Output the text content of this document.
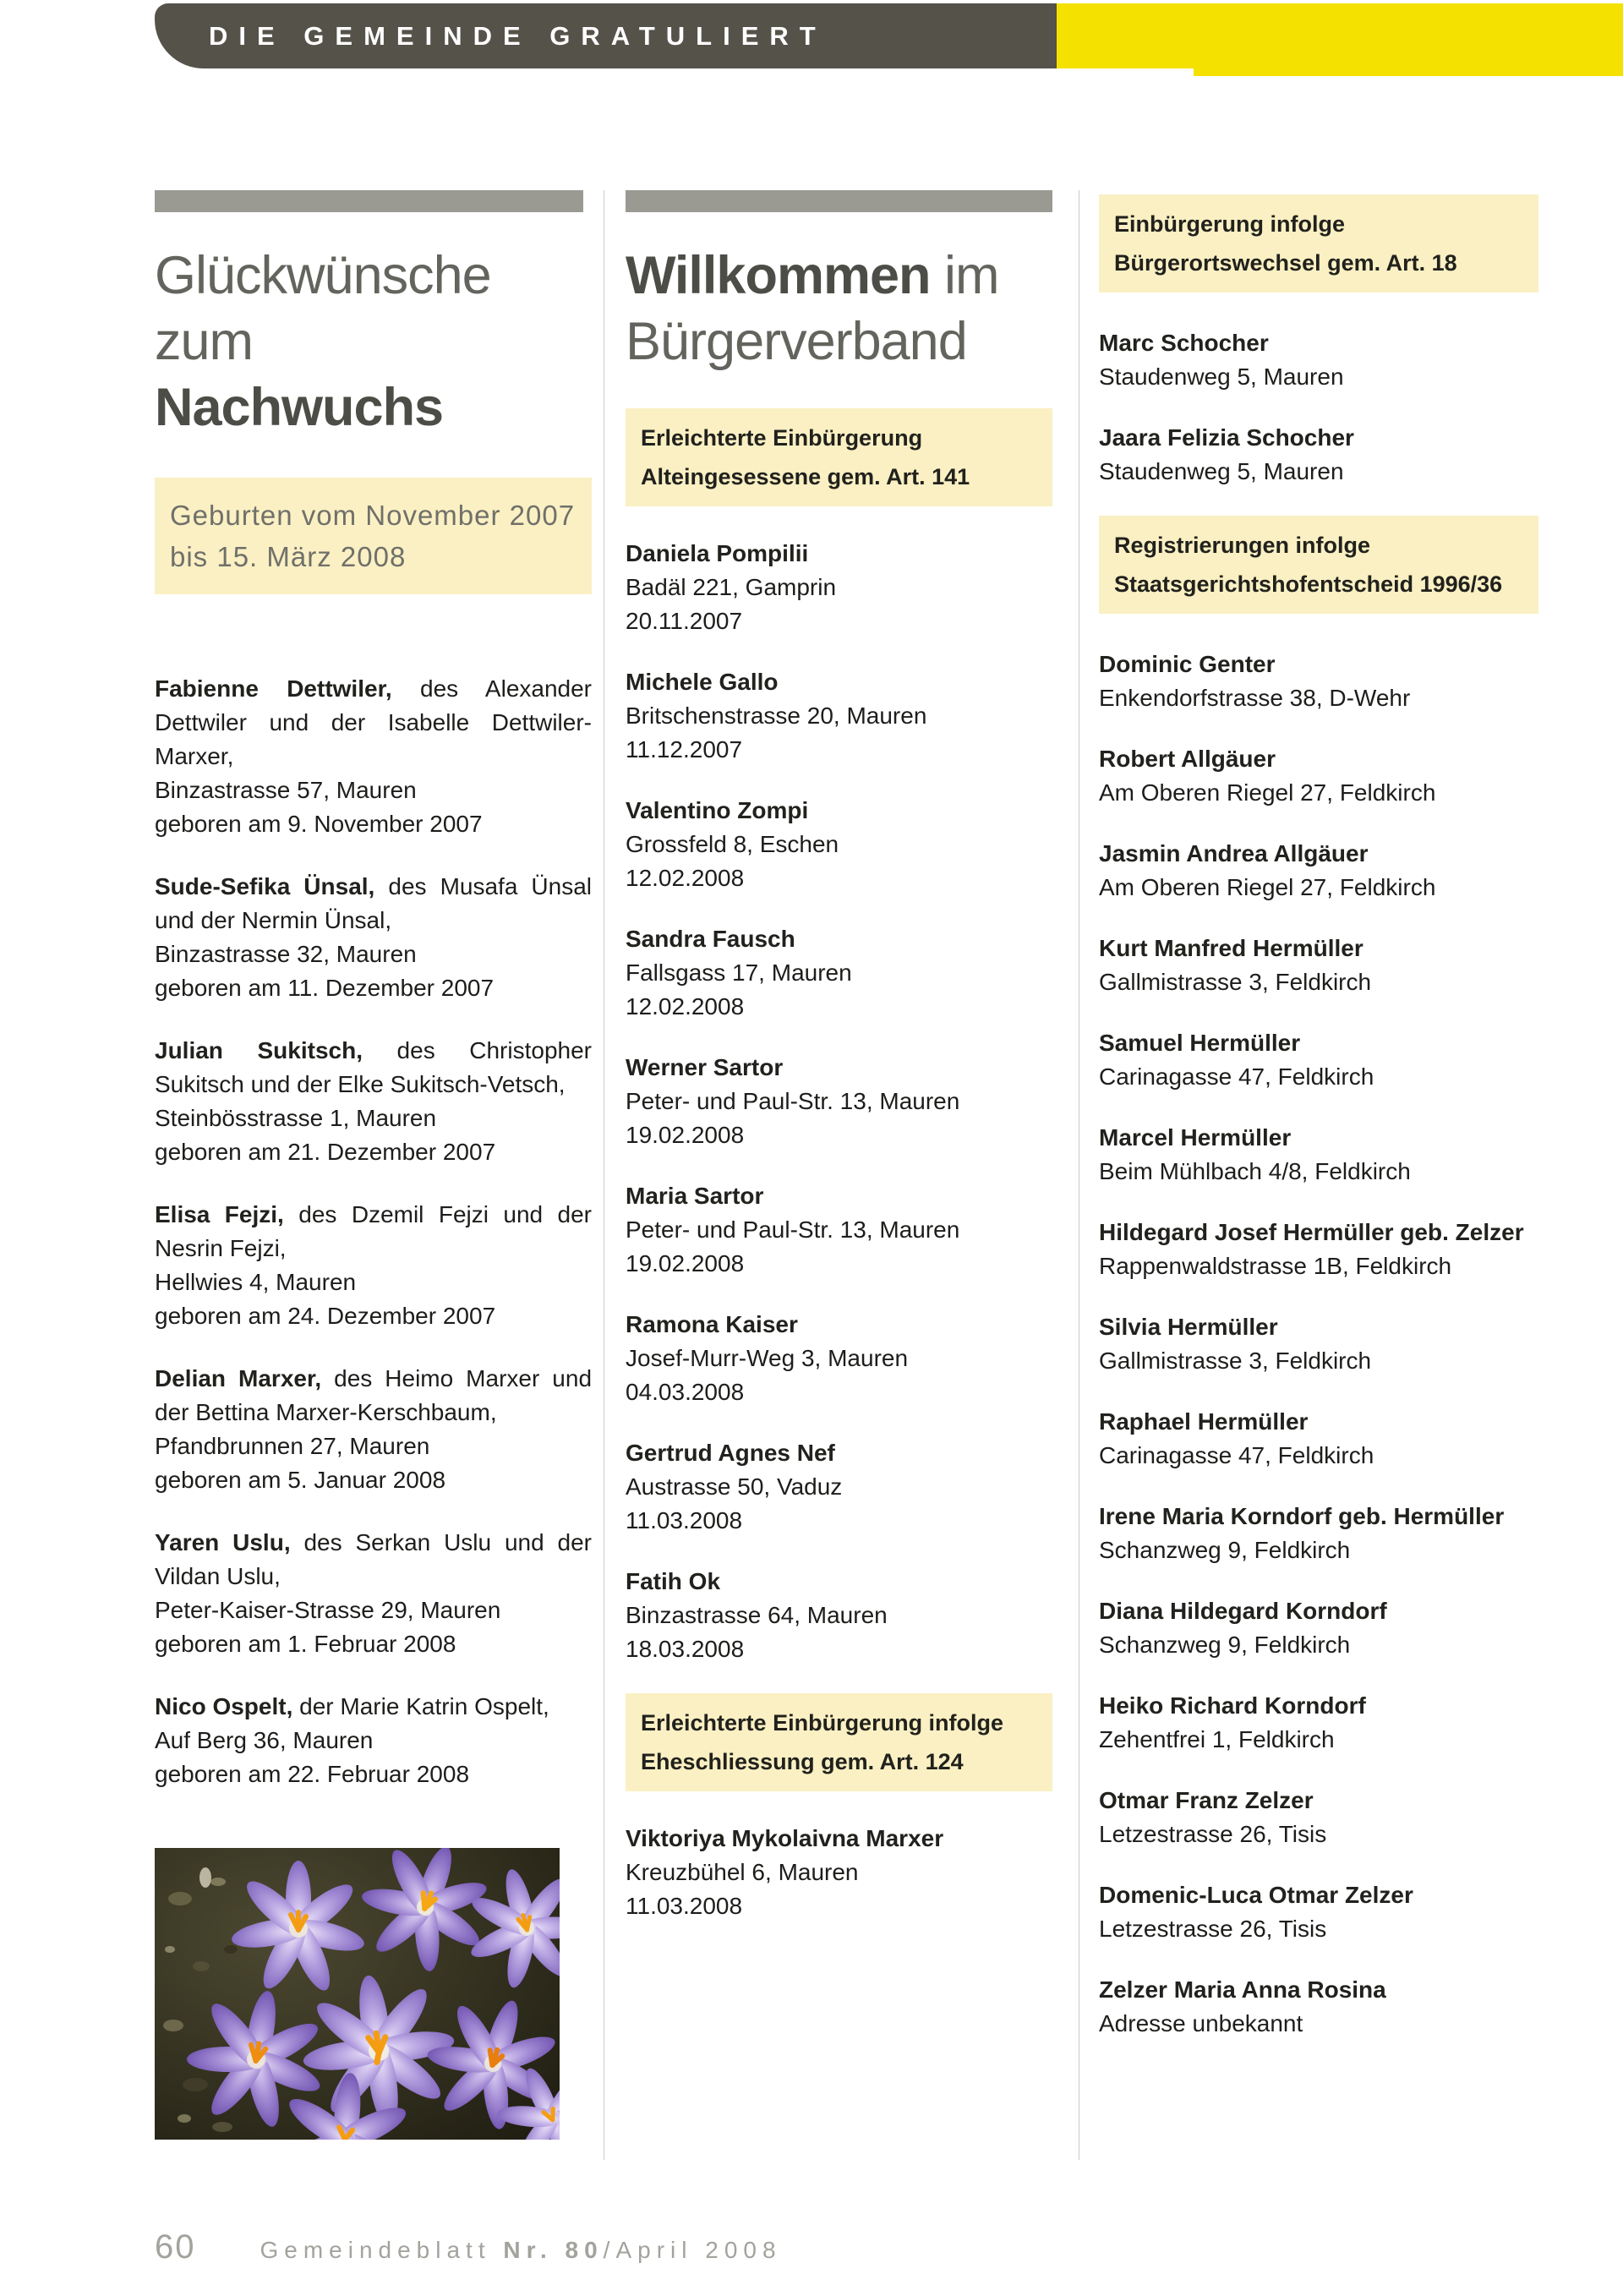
DIE GEMEINDE GRATULIERT
Glückwünsche
zum
Nachwuchs
Geburten vom November 2007
bis 15. März 2008

Fabienne Dettwiler, des Alexander Dettwiler und der Isabelle Dettwiler-Marxer,

Binzastrasse 57, Mauren
geboren am 9. November 2007

Sude-Sefika Ünsal, des Musafa Ünsal und der Nermin Ünsal,

Binzastrasse 32, Mauren
geboren am 11. Dezember 2007

Julian Sukitsch, des Christopher Sukitsch und der Elke Sukitsch-Vetsch,

Steinbösstrasse 1, Mauren
geboren am 21. Dezember 2007

Elisa Fejzi, des Dzemil Fejzi und der Nesrin Fejzi,

Hellwies 4, Mauren
geboren am 24. Dezember 2007

Delian Marxer, des Heimo Marxer und der Bettina Marxer-Kerschbaum,

Pfandbrunnen 27, Mauren
geboren am 5. Januar 2008

Yaren Uslu, des Serkan Uslu und der Vildan Uslu,

Peter-Kaiser-Strasse 29, Mauren
geboren am 1. Februar 2008

Nico Ospelt, der Marie Katrin Ospelt,

Auf Berg 36, Mauren
geboren am 22. Februar 2008
Willkommen im
Bürgerverband
Erleichterte Einbürgerung
Alteingesessene gem. Art. 141
Daniela Pompilii
Badäl 221, Gamprin
20.11.2007
Michele Gallo
Britschenstrasse 20, Mauren
11.12.2007
Valentino Zompi
Grossfeld 8, Eschen
12.02.2008
Sandra Fausch
Fallsgass 17, Mauren
12.02.2008
Werner Sartor
Peter- und Paul-Str. 13, Mauren
19.02.2008
Maria Sartor
Peter- und Paul-Str. 13, Mauren
19.02.2008
Ramona Kaiser
Josef-Murr-Weg 3, Mauren
04.03.2008
Gertrud Agnes Nef
Austrasse 50, Vaduz
11.03.2008
Fatih Ok
Binzastrasse 64, Mauren
18.03.2008
Erleichterte Einbürgerung infolge
Eheschliessung gem. Art. 124
Viktoriya Mykolaivna Marxer
Kreuzbühel 6, Mauren
11.03.2008
Einbürgerung infolge
Bürgerortswechsel gem. Art. 18
Marc Schocher
Staudenweg 5, Mauren
Jaara Felizia Schocher
Staudenweg 5, Mauren
Registrierungen infolge
Staatsgerichtshofentscheid 1996/36
Dominic Genter
Enkendorfstrasse 38, D-Wehr
Robert Allgäuer
Am Oberen Riegel 27, Feldkirch
Jasmin Andrea Allgäuer
Am Oberen Riegel 27, Feldkirch
Kurt Manfred Hermüller
Gallmistrasse 3, Feldkirch
Samuel Hermüller
Carinagasse 47, Feldkirch
Marcel Hermüller
Beim Mühlbach 4/8, Feldkirch
Hildegard Josef Hermüller geb. Zelzer
Rappenwaldstrasse 1B, Feldkirch
Silvia Hermüller
Gallmistrasse 3, Feldkirch
Raphael Hermüller
Carinagasse 47, Feldkirch
Irene Maria Korndorf geb. Hermüller
Schanzweg 9, Feldkirch
Diana Hildegard Korndorf
Schanzweg 9, Feldkirch
Heiko Richard Korndorf
Zehentfrei 1, Feldkirch
Otmar Franz Zelzer
Letzestrasse 26, Tisis
Domenic-Luca Otmar Zelzer
Letzestrasse 26, Tisis
Zelzer Maria Anna Rosina
Adresse unbekannt
60	Gemeindeblatt Nr. 80/April 2008
